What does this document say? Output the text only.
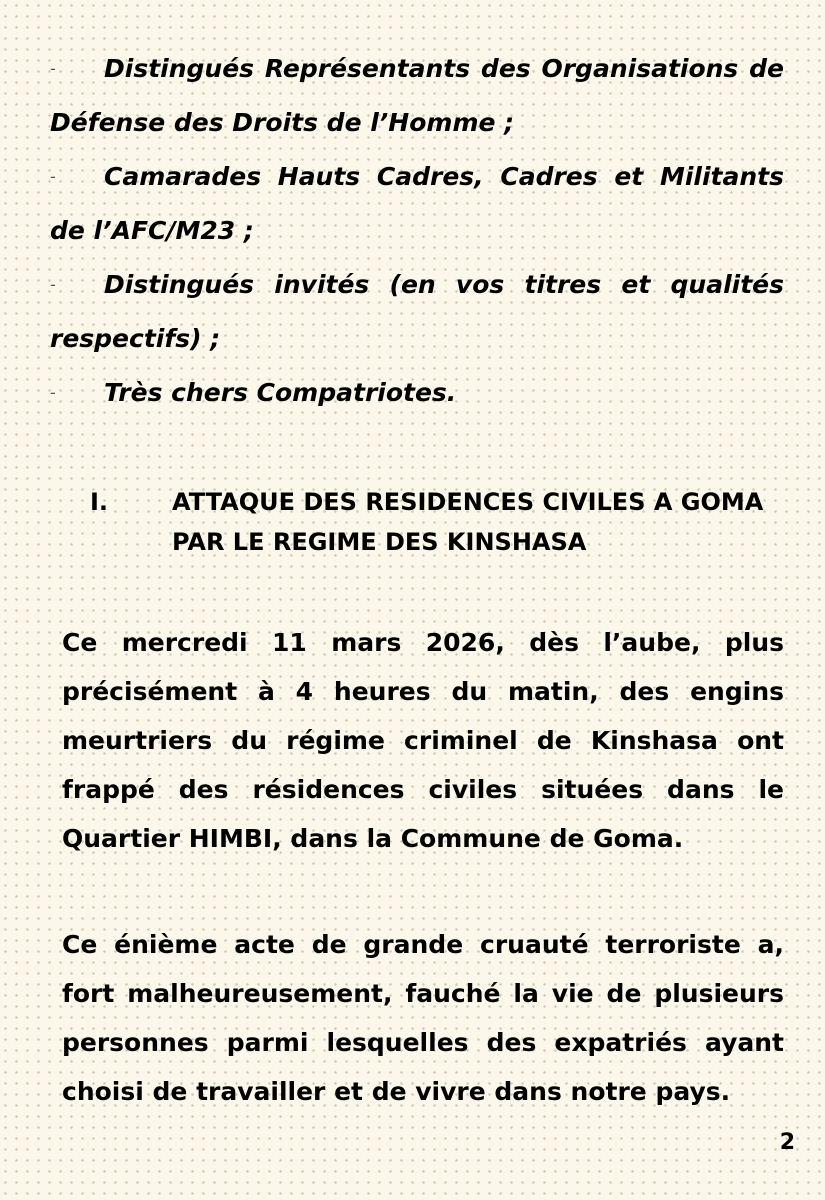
- Distingués Représentants des Organisations de Défense des Droits de l’Homme ;
- Camarades Hauts Cadres, Cadres et Militants de l’AFC/M23 ;
- Distingués invités (en vos titres et qualités respectifs) ;
- Très chers Compatriotes.
I.	ATTAQUE DES RESIDENCES CIVILES A GOMA PAR LE REGIME DES KINSHASA

Ce mercredi 11 mars 2026, dès l’aube, plus précisément à 4 heures du matin, des engins meurtriers du régime criminel de Kinshasa ont frappé des résidences civiles situées dans le Quartier HIMBI, dans la Commune de Goma.

Ce énième acte de grande cruauté terroriste a, fort malheureusement, fauché la vie de plusieurs personnes parmi lesquelles des expatriés ayant choisi de travailler et de vivre dans notre pays.

2
